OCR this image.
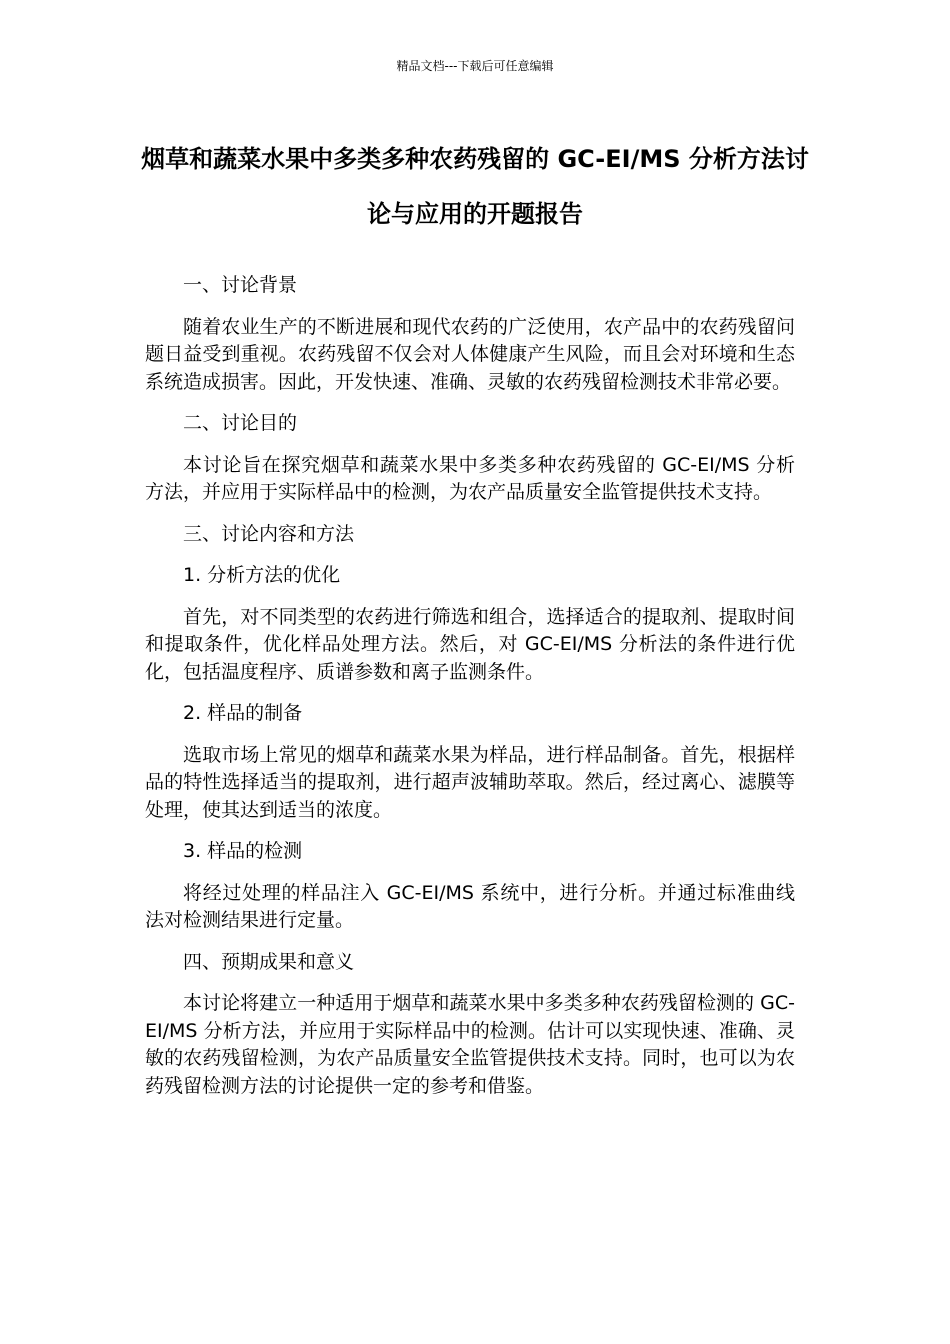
精品文档---下载后可任意编辑
烟草和蔬菜水果中多类多种农药残留的 GC-EI/MS 分析方法讨论与应用的开题报告

一、讨论背景

随着农业生产的不断进展和现代农药的广泛使用，农产品中的农药残留问题日益受到重视。农药残留不仅会对人体健康产生风险，而且会对环境和生态系统造成损害。因此，开发快速、准确、灵敏的农药残留检测技术非常必要。

二、讨论目的

本讨论旨在探究烟草和蔬菜水果中多类多种农药残留的 GC-EI/MS 分析方法，并应用于实际样品中的检测，为农产品质量安全监管提供技术支持。

三、讨论内容和方法

1. 分析方法的优化

首先，对不同类型的农药进行筛选和组合，选择适合的提取剂、提取时间和提取条件，优化样品处理方法。然后，对 GC-EI/MS 分析法的条件进行优化，包括温度程序、质谱参数和离子监测条件。

2. 样品的制备

选取市场上常见的烟草和蔬菜水果为样品，进行样品制备。首先，根据样品的特性选择适当的提取剂，进行超声波辅助萃取。然后，经过离心、滤膜等处理，使其达到适当的浓度。

3. 样品的检测

将经过处理的样品注入 GC-EI/MS 系统中，进行分析。并通过标准曲线法对检测结果进行定量。

四、预期成果和意义

本讨论将建立一种适用于烟草和蔬菜水果中多类多种农药残留检测的 GC-EI/MS 分析方法，并应用于实际样品中的检测。估计可以实现快速、准确、灵敏的农药残留检测，为农产品质量安全监管提供技术支持。同时，也可以为农药残留检测方法的讨论提供一定的参考和借鉴。
